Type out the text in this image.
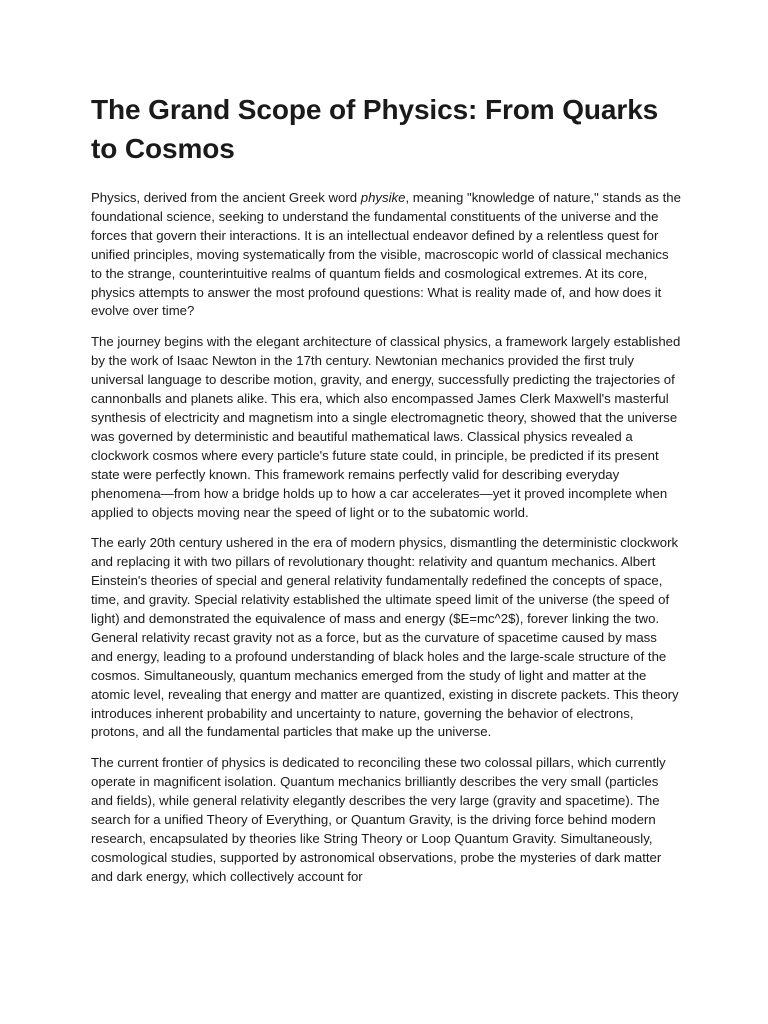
The Grand Scope of Physics: From Quarks to Cosmos

Physics, derived from the ancient Greek word physike, meaning "knowledge of nature," stands as the foundational science, seeking to understand the fundamental constituents of the universe and the forces that govern their interactions. It is an intellectual endeavor defined by a relentless quest for unified principles, moving systematically from the visible, macroscopic world of classical mechanics to the strange, counterintuitive realms of quantum fields and cosmological extremes. At its core, physics attempts to answer the most profound questions: What is reality made of, and how does it evolve over time?

The journey begins with the elegant architecture of classical physics, a framework largely established by the work of Isaac Newton in the 17th century. Newtonian mechanics provided the first truly universal language to describe motion, gravity, and energy, successfully predicting the trajectories of cannonballs and planets alike. This era, which also encompassed James Clerk Maxwell's masterful synthesis of electricity and magnetism into a single electromagnetic theory, showed that the universe was governed by deterministic and beautiful mathematical laws. Classical physics revealed a clockwork cosmos where every particle's future state could, in principle, be predicted if its present state were perfectly known. This framework remains perfectly valid for describing everyday phenomena—from how a bridge holds up to how a car accelerates—yet it proved incomplete when applied to objects moving near the speed of light or to the subatomic world.

The early 20th century ushered in the era of modern physics, dismantling the deterministic clockwork and replacing it with two pillars of revolutionary thought: relativity and quantum mechanics. Albert Einstein's theories of special and general relativity fundamentally redefined the concepts of space, time, and gravity. Special relativity established the ultimate speed limit of the universe (the speed of light) and demonstrated the equivalence of mass and energy ($E=mc^2$), forever linking the two. General relativity recast gravity not as a force, but as the curvature of spacetime caused by mass and energy, leading to a profound understanding of black holes and the large-scale structure of the cosmos. Simultaneously, quantum mechanics emerged from the study of light and matter at the atomic level, revealing that energy and matter are quantized, existing in discrete packets. This theory introduces inherent probability and uncertainty to nature, governing the behavior of electrons, protons, and all the fundamental particles that make up the universe.

The current frontier of physics is dedicated to reconciling these two colossal pillars, which currently operate in magnificent isolation. Quantum mechanics brilliantly describes the very small (particles and fields), while general relativity elegantly describes the very large (gravity and spacetime). The search for a unified Theory of Everything, or Quantum Gravity, is the driving force behind modern research, encapsulated by theories like String Theory or Loop Quantum Gravity. Simultaneously, cosmological studies, supported by astronomical observations, probe the mysteries of dark matter and dark energy, which collectively account for
